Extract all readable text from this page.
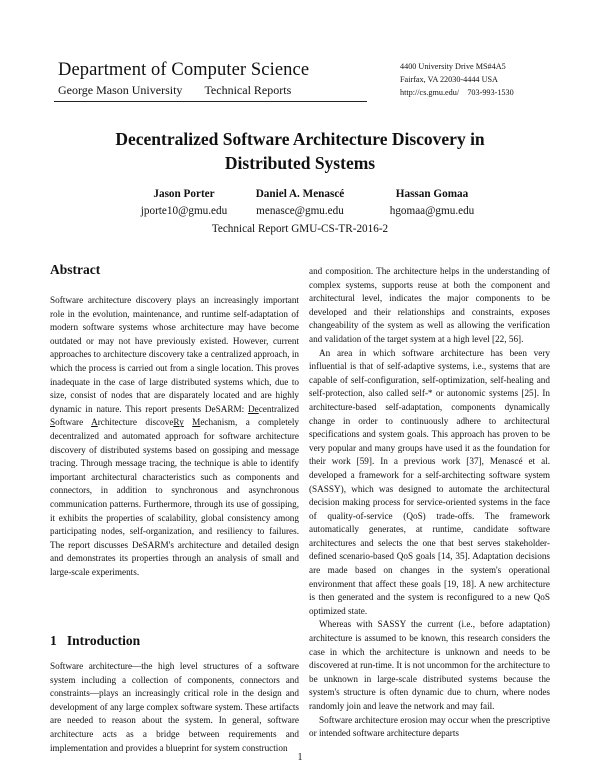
Department of Computer Science
George Mason University Technical Reports
4400 University Drive MS#4A5
Fairfax, VA 22030-4444 USA
http://cs.gmu.edu/    703-993-1530
Decentralized Software Architecture Discovery in
Distributed Systems
Jason Porter
jporte10@gmu.edu
Daniel A. Menascé
menasce@gmu.edu
Hassan Gomaa
hgomaa@gmu.edu
Technical Report GMU-CS-TR-2016-2
Abstract

Software architecture discovery plays an increasingly important role in the evolution, maintenance, and runtime self-adaptation of modern software systems whose architecture may have become outdated or may not have previously existed. However, current approaches to architecture discovery take a centralized approach, in which the process is carried out from a single location. This proves inadequate in the case of large distributed systems which, due to size, consist of nodes that are disparately located and are highly dynamic in nature. This report presents DeSARM: Decentralized Software Architecture discoveRy Mechanism, a completely decentralized and automated approach for software architecture discovery of distributed systems based on gossiping and message tracing. Through message tracing, the technique is able to identify important architectural characteristics such as components and connectors, in addition to synchronous and asynchronous communication patterns. Furthermore, through its use of gossiping, it exhibits the properties of scalability, global consistency among participating nodes, self-organization, and resiliency to failures. The report discusses DeSARM's architecture and detailed design and demonstrates its properties through an analysis of small and large-scale experiments.

1 Introduction

Software architecture—the high level structures of a software system including a collection of components, connectors and constraints—plays an increasingly critical role in the design and development of any large complex software system. These artifacts are needed to reason about the system. In general, software architecture acts as a bridge between requirements and implementation and provides a blueprint for system construction

and composition. The architecture helps in the understanding of complex systems, supports reuse at both the component and architectural level, indicates the major components to be developed and their relationships and constraints, exposes changeability of the system as well as allowing the verification and validation of the target system at a high level [22, 56].

An area in which software architecture has been very influential is that of self-adaptive systems, i.e., systems that are capable of self-configuration, self-optimization, self-healing and self-protection, also called self-* or autonomic systems [25]. In architecture-based self-adaptation, components dynamically change in order to continuously adhere to architectural specifications and system goals. This approach has proven to be very popular and many groups have used it as the foundation for their work [59]. In a previous work [37], Menascé et al. developed a framework for a self-architecting software system (SASSY), which was designed to automate the architectural decision making process for service-oriented systems in the face of quality-of-service (QoS) trade-offs. The framework automatically generates, at runtime, candidate software architectures and selects the one that best serves stakeholder-defined scenario-based QoS goals [14, 35]. Adaptation decisions are made based on changes in the system's operational environment that affect these goals [19, 18]. A new architecture is then generated and the system is reconfigured to a new QoS optimized state.

Whereas with SASSY the current (i.e., before adaptation) architecture is assumed to be known, this research considers the case in which the architecture is unknown and needs to be discovered at run-time. It is not uncommon for the architecture to be unknown in large-scale distributed systems because the system's structure is often dynamic due to churn, where nodes randomly join and leave the network and may fail.

Software architecture erosion may occur when the prescriptive or intended software architecture departs

1
